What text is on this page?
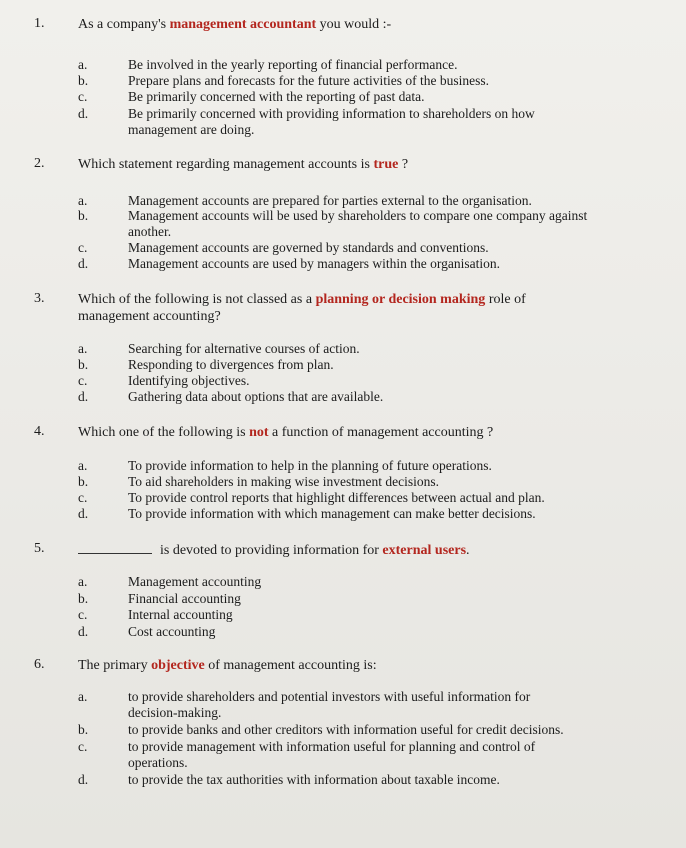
1. As a company's management accountant you would :-
a.	Be involved in the yearly reporting of financial performance.
b.	Prepare plans and forecasts for the future activities of the business.
c.	Be primarily concerned with the reporting of past data.
d.	Be primarily concerned with providing information to shareholders on how management are doing.
2. Which statement regarding management accounts is true ?
a.	Management accounts are prepared for parties external to the organisation.
b.	Management accounts will be used by shareholders to compare one company against another.
c.	Management accounts are governed by standards and conventions.
d.	Management accounts are used by managers within the organisation.
3. Which of the following is not classed as a planning or decision making role of management accounting?
a.	Searching for alternative courses of action.
b.	Responding to divergences from plan.
c.	Identifying objectives.
d.	Gathering data about options that are available.
4. Which one of the following is not a function of management accounting ?
a.	To provide information to help in the planning of future operations.
b.	To aid shareholders in making wise investment decisions.
c.	To provide control reports that highlight differences between actual and plan.
d.	To provide information with which management can make better decisions.
5.	is devoted to providing information for external users.
a.	Management accounting
b.	Financial accounting
c.	Internal accounting
d.	Cost accounting
6. The primary objective of management accounting is:
a.	to provide shareholders and potential investors with useful information for decision-making.
b.	to provide banks and other creditors with information useful for credit decisions.
c.	to provide management with information useful for planning and control of operations.
d.	to provide the tax authorities with information about taxable income.
